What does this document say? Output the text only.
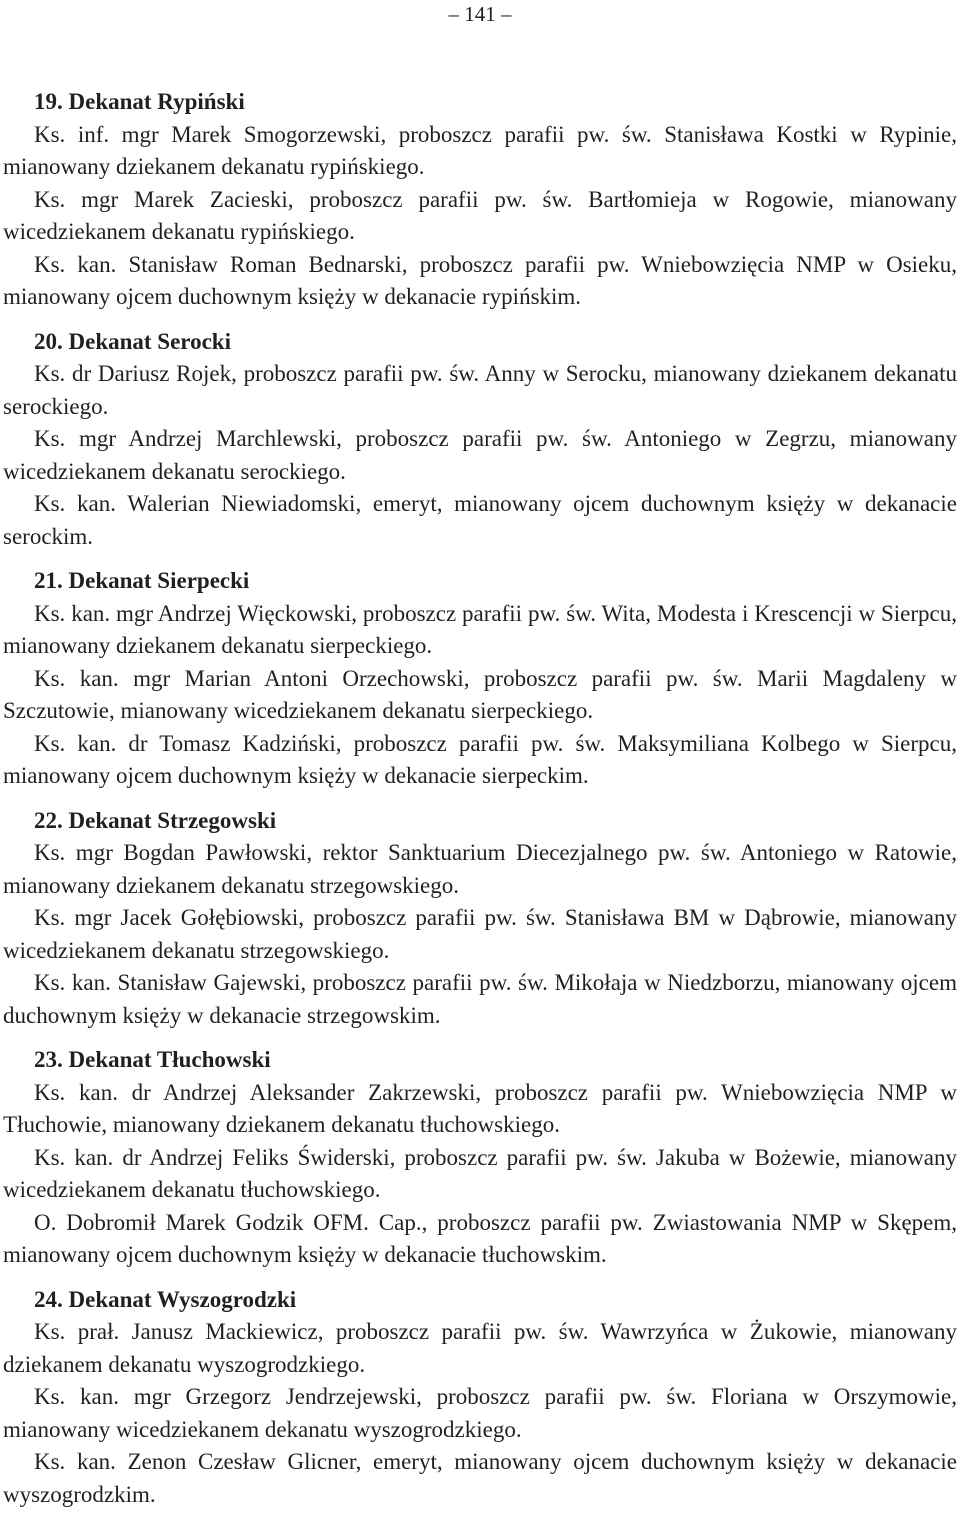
– 141 –

19. Dekanat Rypiński

Ks. inf. mgr Marek Smogorzewski, proboszcz parafii pw. św. Stanisława Kostki w Rypinie, mianowany dziekanem dekanatu rypińskiego.

Ks. mgr Marek Zacieski, proboszcz parafii pw. św. Bartłomieja w Rogowie, mianowany wicedziekanem dekanatu rypińskiego.

Ks. kan. Stanisław Roman Bednarski, proboszcz parafii pw. Wniebowzięcia NMP w Osieku, mianowany ojcem duchownym księży w dekanacie rypińskim.

20. Dekanat Serocki

Ks. dr Dariusz Rojek, proboszcz parafii pw. św. Anny w Serocku, mianowany dziekanem dekanatu serockiego.

Ks. mgr Andrzej Marchlewski, proboszcz parafii pw. św. Antoniego w Zegrzu, mianowany wicedziekanem dekanatu serockiego.

Ks. kan. Walerian Niewiadomski, emeryt, mianowany ojcem duchownym księży w dekanacie serockim.

21. Dekanat Sierpecki

Ks. kan. mgr Andrzej Więckowski, proboszcz parafii pw. św. Wita, Modesta i Krescencji w Sierpcu, mianowany dziekanem dekanatu sierpeckiego.

Ks. kan. mgr Marian Antoni Orzechowski, proboszcz parafii pw. św. Marii Magdaleny w Szczutowie, mianowany wicedziekanem dekanatu sierpeckiego.

Ks. kan. dr Tomasz Kadziński, proboszcz parafii pw. św. Maksymiliana Kolbego w Sierpcu, mianowany ojcem duchownym księży w dekanacie sierpeckim.

22. Dekanat Strzegowski

Ks. mgr Bogdan Pawłowski, rektor Sanktuarium Diecezjalnego pw. św. Antoniego w Ratowie, mianowany dziekanem dekanatu strzegowskiego.

Ks. mgr Jacek Gołębiowski, proboszcz parafii pw. św. Stanisława BM w Dąbrowie, mianowany wicedziekanem dekanatu strzegowskiego.

Ks. kan. Stanisław Gajewski, proboszcz parafii pw. św. Mikołaja w Niedzborzu, mianowany ojcem duchownym księży w dekanacie strzegowskim.

23. Dekanat Tłuchowski

Ks. kan. dr Andrzej Aleksander Zakrzewski, proboszcz parafii pw. Wniebowzięcia NMP w Tłuchowie, mianowany dziekanem dekanatu tłuchowskiego.

Ks. kan. dr Andrzej Feliks Świderski, proboszcz parafii pw. św. Jakuba w Bożewie, mianowany wicedziekanem dekanatu tłuchowskiego.

O. Dobromił Marek Godzik OFM. Cap., proboszcz parafii pw. Zwiastowania NMP w Skępem, mianowany ojcem duchownym księży w dekanacie tłuchowskim.

24. Dekanat Wyszogrodzki

Ks. prał. Janusz Mackiewicz, proboszcz parafii pw. św. Wawrzyńca w Żukowie, mianowany dziekanem dekanatu wyszogrodzkiego.

Ks. kan. mgr Grzegorz Jendrzejewski, proboszcz parafii pw. św. Floriana w Orszymowie, mianowany wicedziekanem dekanatu wyszogrodzkiego.

Ks. kan. Zenon Czesław Glicner, emeryt, mianowany ojcem duchownym księży w dekanacie wyszogrodzkim.
